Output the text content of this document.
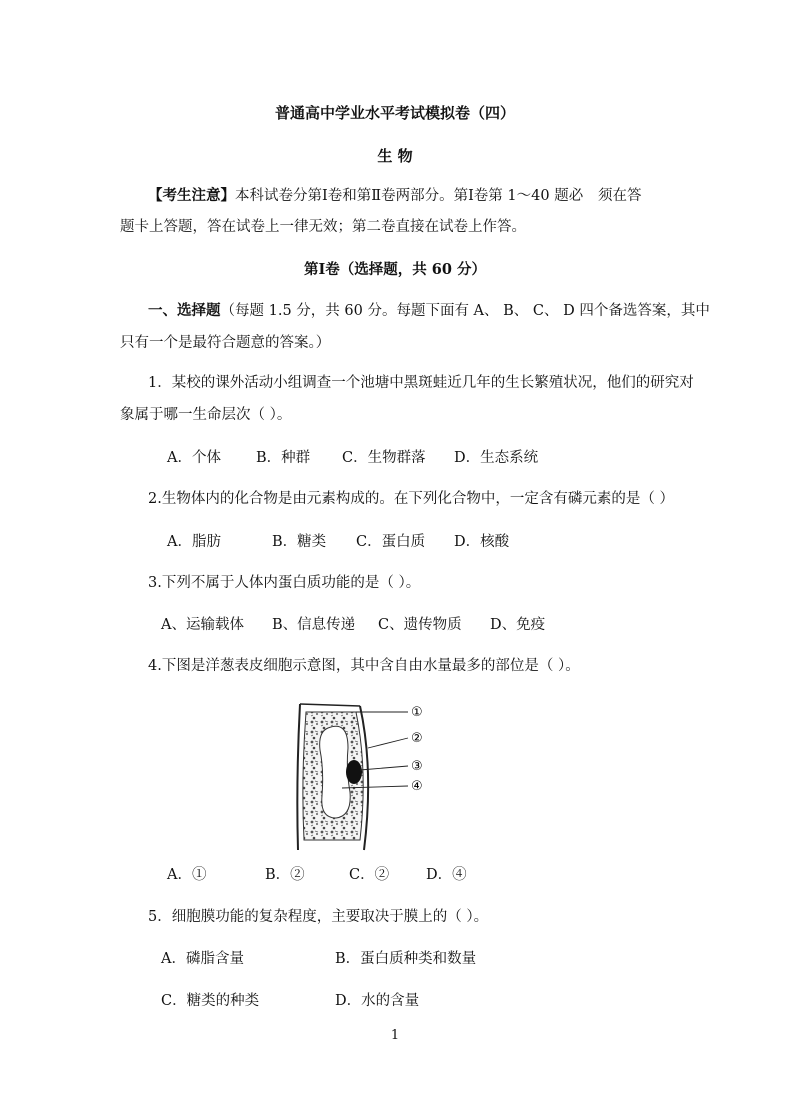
普通高中学业水平考试模拟卷（四）
生 物
【考生注意】本科试卷分第Ⅰ卷和第Ⅱ卷两部分。第Ⅰ卷第 1～40 题必 须在答
题卡上答题，答在试卷上一律无效；第二卷直接在试卷上作答。
第Ⅰ卷（选择题，共 60 分）
一、选择题（每题 1.5 分，共 60 分。每题下面有 A、 B、 C、 D 四个备选答案，其中
只有一个是最符合题意的答案。）
1．某校的课外活动小组调查一个池塘中黑斑蛙近几年的生长繁殖状况，他们的研究对
象属于哪一生命层次（ ）。
A．个体 B．种群 C．生物群落 D．生态系统
2.生物体内的化合物是由元素构成的。在下列化合物中，一定含有磷元素的是（ ）
A．脂肪	B．糖类 C．蛋白质 D．核酸
3.下列不属于人体内蛋白质功能的是（ ）。
A、运输载体 B、信息传递 C、遗传物质 D、免疫
4.下图是洋葱表皮细胞示意图，其中含自由水量最多的部位是（ ）。
①
②
③
④
A．①	B．②	C．②	D．④
5．细胞膜功能的复杂程度，主要取决于膜上的（ ）。
A．磷脂含量	B．蛋白质种类和数量
C．糖类的种类	D．水的含量
1
